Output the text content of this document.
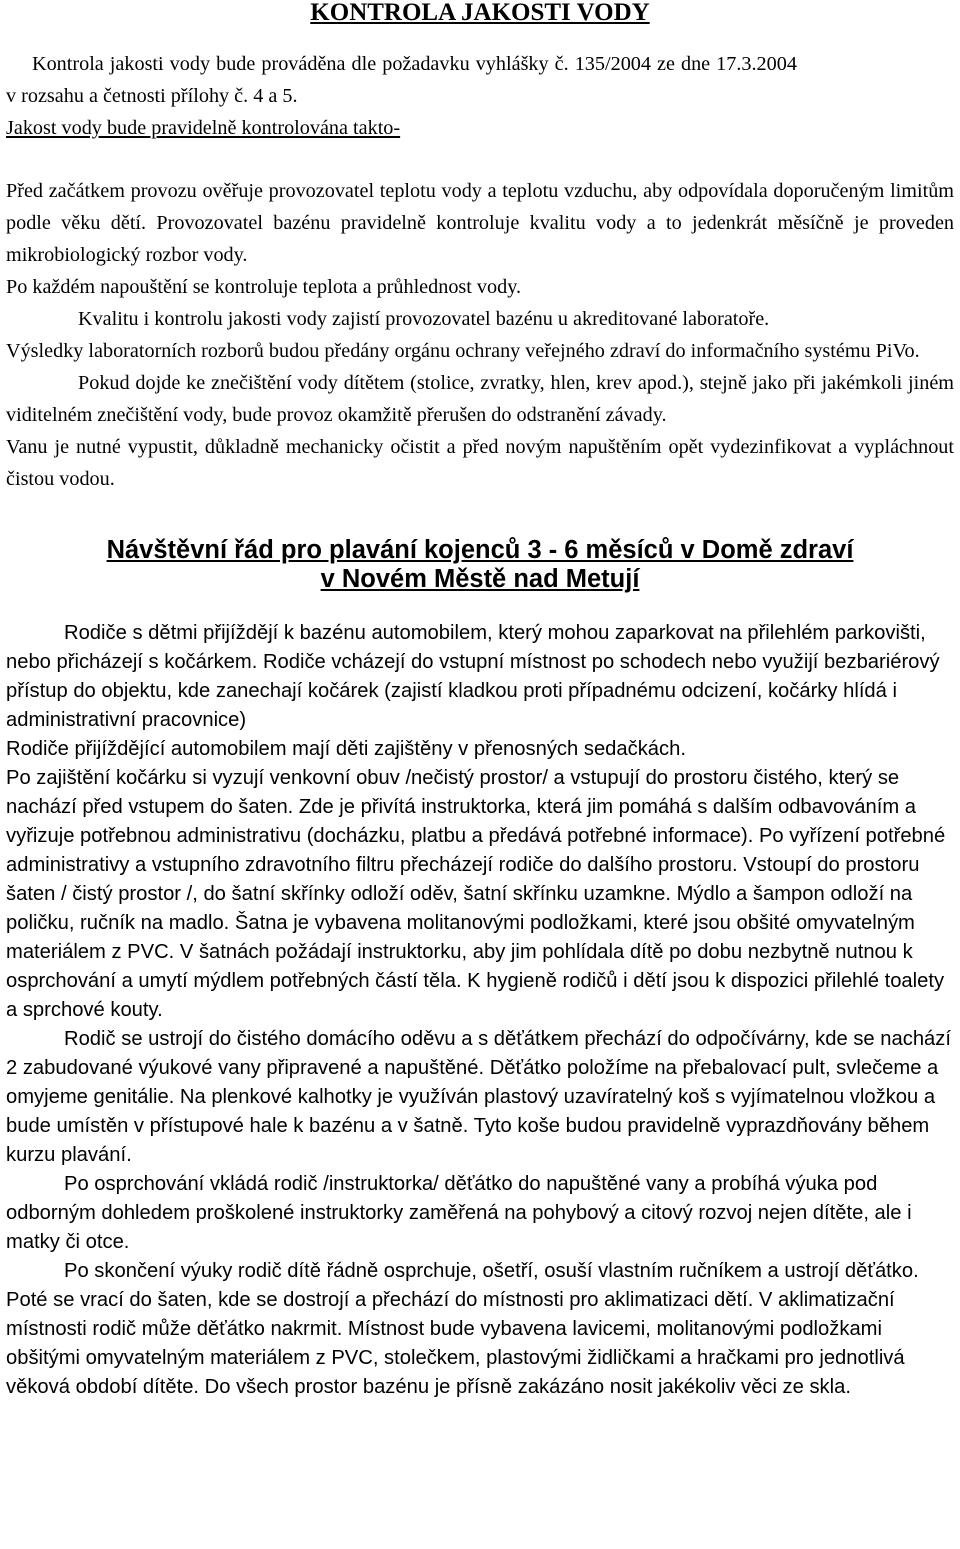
KONTROLA JAKOSTI VODY

Kontrola jakosti vody bude prováděna dle požadavku vyhlášky č. 135/2004 ze dne 17.3.2004

v rozsahu a četnosti přílohy č. 4 a 5.

Jakost vody bude pravidelně kontrolována takto-

Před začátkem provozu ověřuje provozovatel teplotu vody a teplotu vzduchu, aby odpovídala doporučeným limitům podle věku dětí. Provozovatel bazénu pravidelně kontroluje kvalitu vody a to jedenkrát měsíčně je proveden mikrobiologický rozbor vody.

Po každém napouštění se kontroluje teplota a průhlednost vody.

Kvalitu i kontrolu jakosti vody zajistí provozovatel bazénu u akreditované laboratoře.

Výsledky laboratorních rozborů budou předány orgánu ochrany veřejného zdraví do informačního systému PiVo.

Pokud dojde ke znečištění vody dítětem (stolice, zvratky, hlen, krev apod.), stejně jako při jakémkoli jiném viditelném znečištění vody, bude provoz okamžitě přerušen do odstranění závady.

Vanu je nutné vypustit, důkladně mechanicky očistit a před novým napuštěním opět vydezinfikovat a vypláchnout čistou vodou.

Návštěvní řád pro plavání kojenců 3 - 6 měsíců v Domě zdraví
v Novém Městě nad Metují

Rodiče s dětmi přijíždějí k bazénu automobilem, který mohou zaparkovat na přilehlém parkovišti, nebo přicházejí s kočárkem. Rodiče vcházejí do vstupní místnost po schodech nebo využijí bezbariérový přístup do objektu, kde zanechají kočárek (zajistí kladkou proti případnému odcizení, kočárky hlídá i administrativní pracovnice)

Rodiče přijíždějící automobilem mají děti zajištěny v přenosných sedačkách.

Po zajištění kočárku si vyzují venkovní obuv /nečistý prostor/ a vstupují do prostoru čistého, který se nachází před vstupem do šaten. Zde je přivítá instruktorka, která jim pomáhá s dalším odbavováním a vyřizuje potřebnou administrativu (docházku, platbu a předává potřebné informace). Po vyřízení potřebné administrativy a vstupního zdravotního filtru přecházejí rodiče do dalšího prostoru. Vstoupí do prostoru šaten / čistý prostor /, do šatní skřínky odloží oděv, šatní skřínku uzamkne. Mýdlo a šampon odloží na poličku, ručník na madlo. Šatna je vybavena molitanovými podložkami, které jsou obšité omyvatelným materiálem z PVC. V šatnách požádají instruktorku, aby jim pohlídala dítě po dobu nezbytně nutnou k osprchování a umytí mýdlem potřebných částí těla. K hygieně rodičů i dětí jsou k dispozici přilehlé toalety a sprchové kouty.

Rodič se ustrojí do čistého domácího oděvu a s děťátkem přechází do odpočívárny, kde se nachází 2 zabudované výukové vany připravené a napuštěné. Děťátko položíme na přebalovací pult, svlečeme a omyjeme genitálie. Na plenkové kalhotky je využíván plastový uzavíratelný koš s vyjímatelnou vložkou a bude umístěn v přístupové hale k bazénu a v šatně. Tyto koše budou pravidelně vyprazdňovány během kurzu plavání.

Po osprchování vkládá rodič /instruktorka/ děťátko do napuštěné vany a probíhá výuka pod odborným dohledem proškolené instruktorky zaměřená na pohybový a citový rozvoj nejen dítěte, ale i matky či otce.

Po skončení výuky rodič dítě řádně osprchuje, ošetří, osuší vlastním ručníkem a ustrojí děťátko. Poté se vrací do šaten, kde se dostrojí a přechází do místnosti pro aklimatizaci dětí. V aklimatizační místnosti rodič může děťátko nakrmit. Místnost bude vybavena lavicemi, molitanovými podložkami obšitými omyvatelným materiálem z PVC, stolečkem, plastovými židličkami a hračkami pro jednotlivá věková období dítěte. Do všech prostor bazénu je přísně zakázáno nosit jakékoliv věci ze skla.
